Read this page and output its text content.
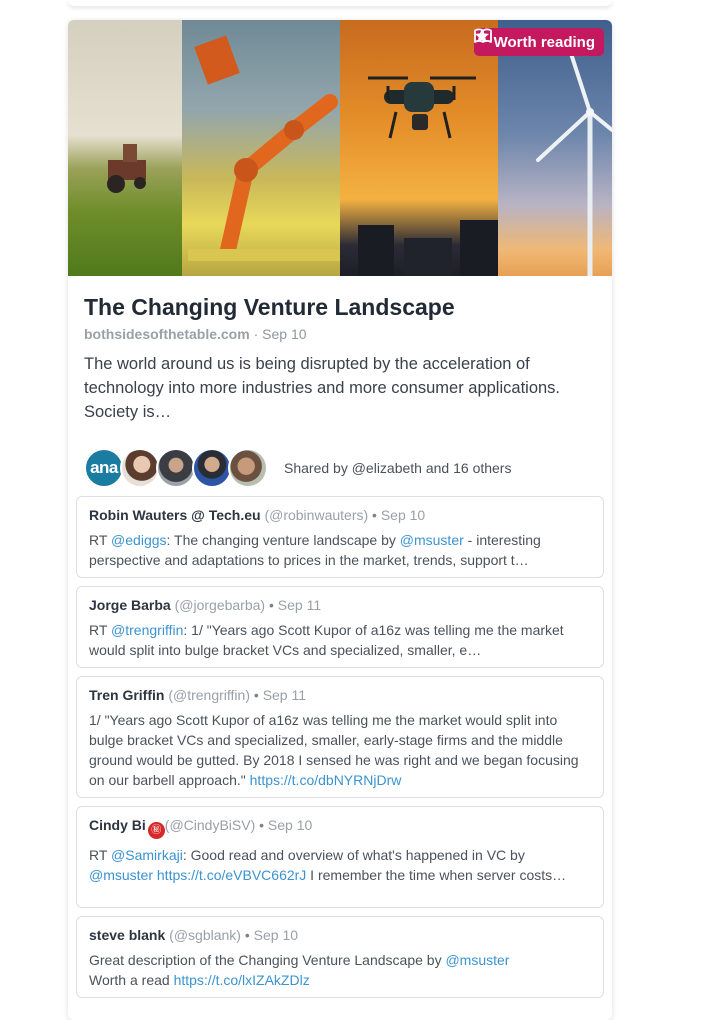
Worth reading
The Changing Venture Landscape
bothsidesofthetable.com · Sep 10

The world around us is being disrupted by the acceleration of technology into more industries and more consumer applications. Society is…

ana	Shared by @elizabeth and 16 others
Robin Wauters @ Tech.eu (@robinwauters) • Sep 10
RT @ediggs: The changing venture landscape by @msuster - interesting perspective and adaptations to prices in the market, trends, support t…
Jorge Barba (@jorgebarba) • Sep 11
RT @trengriffin: 1/ "Years ago Scott Kupor of a16z was telling me the market would split into bulge bracket VCs and specialized, smaller, e…
Tren Griffin (@trengriffin) • Sep 11
1/ "Years ago Scott Kupor of a16z was telling me the market would split into bulge bracket VCs and specialized, smaller, early-stage firms and the middle ground would be gutted. By 2018 I sensed he was right and we began focusing on our barbell approach." https://t.co/dbNYRNjDrw
Cindy Bi ㊙ (@CindyBiSV) • Sep 10
RT @Samirkaji: Good read and overview of what's happened in VC by @msuster https://t.co/eVBVC662rJ I remember the time when server costs…
steve blank (@sgblank) • Sep 10
Great description of the Changing Venture Landscape by @msuster
Worth a read https://t.co/lxIZAkZDlz
